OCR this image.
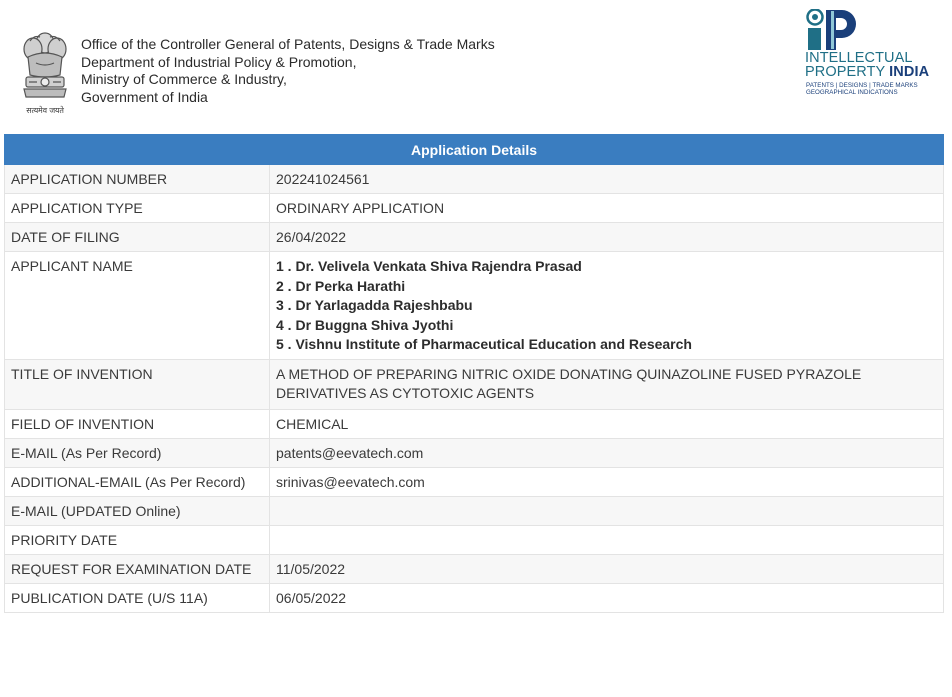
सत्यमेव जयते
Office of the Controller General of Patents, Designs & Trade Marks
Department of Industrial Policy & Promotion,
Ministry of Commerce & Industry,
Government of India
INTELLECTUAL
PROPERTY INDIA
PATENTS | DESIGNS | TRADE MARKS
GEOGRAPHICAL INDICATIONS
Application Details	
APPLICATION NUMBER	202241024561
APPLICATION TYPE	ORDINARY APPLICATION
DATE OF FILING	26/04/2022
APPLICANT NAME	1 . Dr. Velivela Venkata Shiva Rajendra Prasad
2 . Dr Perka Harathi
3 . Dr Yarlagadda Rajeshbabu
4 . Dr Buggna Shiva Jyothi
5 . Vishnu Institute of Pharmaceutical Education and Research

TITLE OF INVENTION	A METHOD OF PREPARING NITRIC OXIDE DONATING QUINAZOLINE FUSED PYRAZOLE
DERIVATIVES AS CYTOTOXIC AGENTS

FIELD OF INVENTION	CHEMICAL
E-MAIL (As Per Record)	patents@eevatech.com
ADDITIONAL-EMAIL (As Per Record)	srinivas@eevatech.com
E-MAIL (UPDATED Online)	
PRIORITY DATE	
REQUEST FOR EXAMINATION DATE	11/05/2022
PUBLICATION DATE (U/S 11A)	06/05/2022
